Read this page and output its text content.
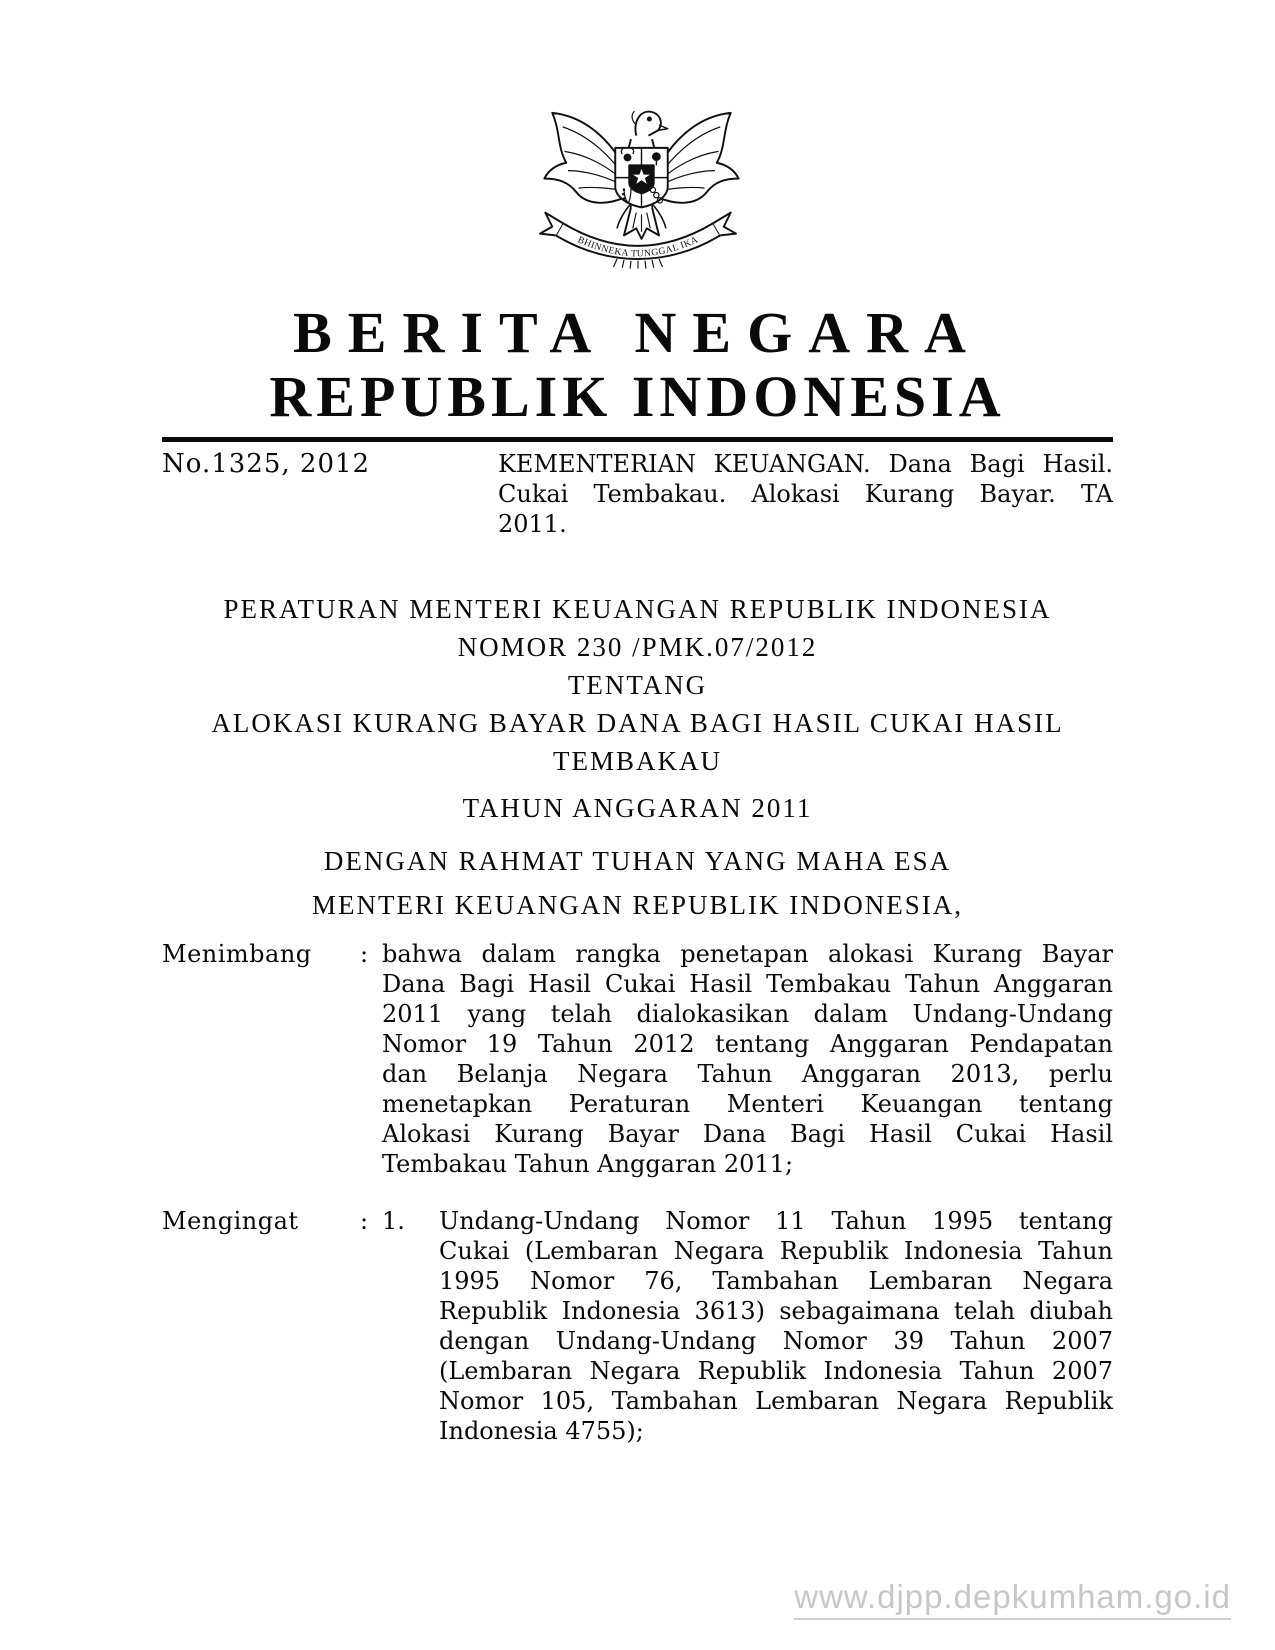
BHINNEKA TUNGGAL IKA
BERITA NEGARA
REPUBLIK INDONESIA
No.1325, 2012	KEMENTERIAN KEUANGAN. Dana Bagi Hasil.
Cukai Tembakau. Alokasi Kurang Bayar. TA
2011.
PERATURAN MENTERI KEUANGAN REPUBLIK INDONESIA
NOMOR 230 /PMK.07/2012
TENTANG
ALOKASI KURANG BAYAR DANA BAGI HASIL CUKAI HASIL TEMBAKAU
TAHUN ANGGARAN 2011
DENGAN RAHMAT TUHAN YANG MAHA ESA
MENTERI KEUANGAN REPUBLIK INDONESIA,
Menimbang	: bahwa dalam rangka penetapan alokasi Kurang Bayar
Dana Bagi Hasil Cukai Hasil Tembakau Tahun Anggaran
2011 yang telah dialokasikan dalam Undang-Undang
Nomor 19 Tahun 2012 tentang Anggaran Pendapatan
dan Belanja Negara Tahun Anggaran 2013, perlu
menetapkan Peraturan Menteri Keuangan tentang
Alokasi Kurang Bayar Dana Bagi Hasil Cukai Hasil
Tembakau Tahun Anggaran 2011;
Mengingat	: 1.	Undang-Undang Nomor 11 Tahun 1995 tentang
Cukai (Lembaran Negara Republik Indonesia Tahun
1995 Nomor 76, Tambahan Lembaran Negara
Republik Indonesia 3613) sebagaimana telah diubah
dengan Undang-Undang Nomor 39 Tahun 2007
(Lembaran Negara Republik Indonesia Tahun 2007
Nomor 105, Tambahan Lembaran Negara Republik
Indonesia 4755);
www.djpp.depkumham.go.id
